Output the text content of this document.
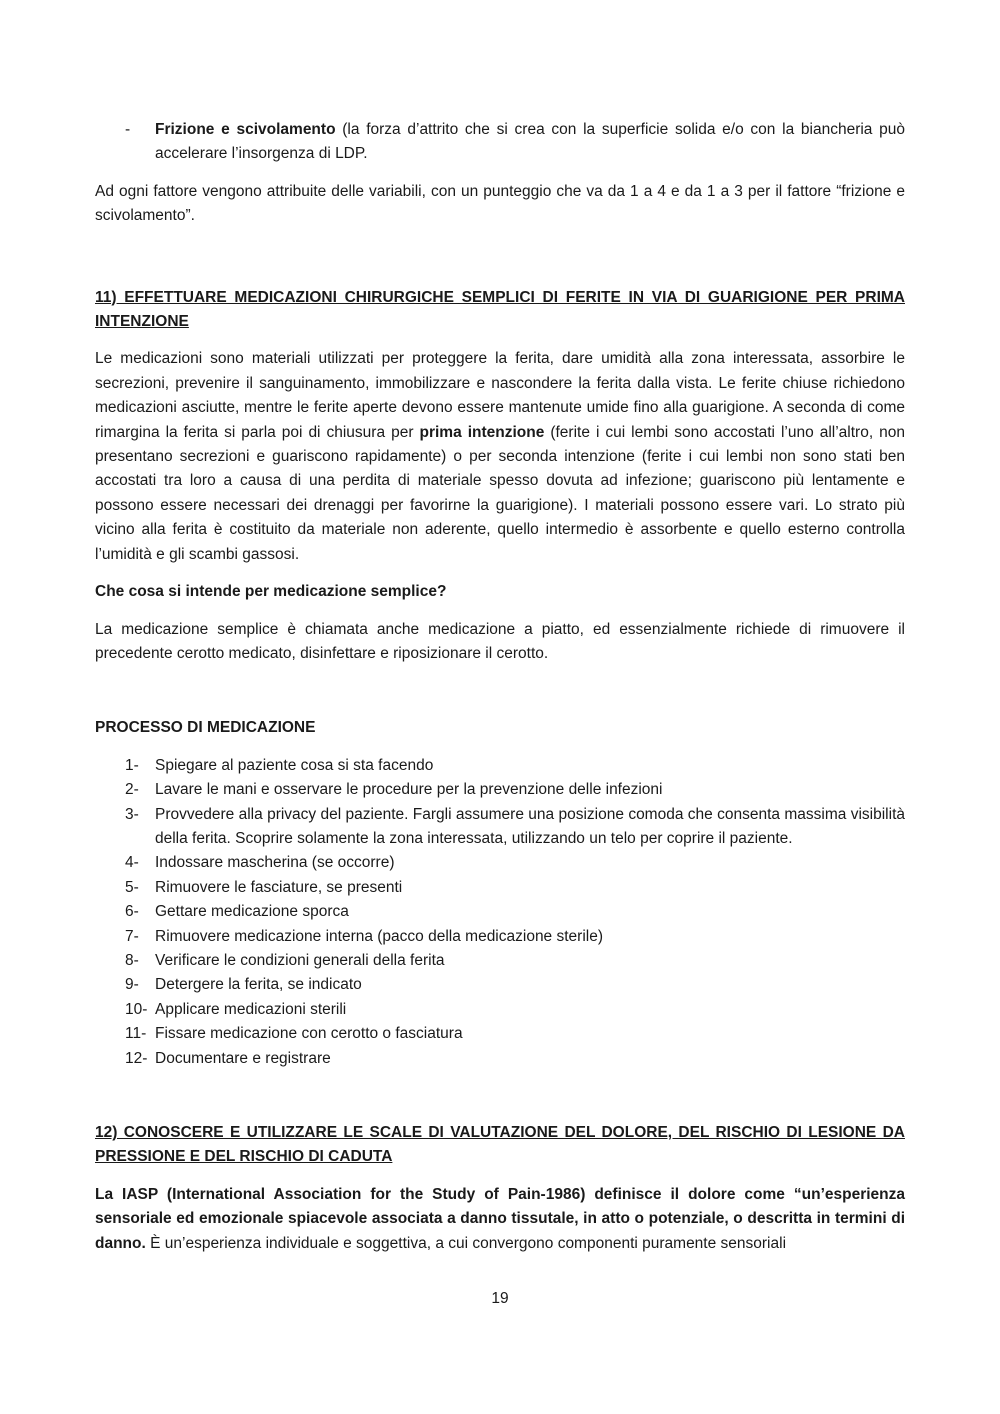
-	Frizione e scivolamento (la forza d’attrito che si crea con la superficie solida e/o con la biancheria può accelerare l’insorgenza di LDP.

Ad ogni fattore vengono attribuite delle variabili, con un punteggio che va da 1 a 4 e da 1 a 3 per il fattore “frizione e scivolamento”.

11) EFFETTUARE MEDICAZIONI CHIRURGICHE SEMPLICI DI FERITE IN VIA DI GUARIGIONE PER PRIMA INTENZIONE

Le medicazioni sono materiali utilizzati per proteggere la ferita, dare umidità alla zona interessata, assorbire le secrezioni, prevenire il sanguinamento, immobilizzare e nascondere la ferita dalla vista. Le ferite chiuse richiedono medicazioni asciutte, mentre le ferite aperte devono essere mantenute umide fino alla guarigione. A seconda di come rimargina la ferita si parla poi di chiusura per prima intenzione (ferite i cui lembi sono accostati l’uno all’altro, non presentano secrezioni e guariscono rapidamente) o per seconda intenzione (ferite i cui lembi non sono stati ben accostati tra loro a causa di una perdita di materiale spesso dovuta ad infezione; guariscono più lentamente e possono essere necessari dei drenaggi per favorirne la guarigione). I materiali possono essere vari. Lo strato più vicino alla ferita è costituito da materiale non aderente, quello intermedio è assorbente e quello esterno controlla l’umidità e gli scambi gassosi.

Che cosa si intende per medicazione semplice?

La medicazione semplice è chiamata anche medicazione a piatto, ed essenzialmente richiede di rimuovere il precedente cerotto medicato, disinfettare e riposizionare il cerotto.

PROCESSO DI MEDICAZIONE

1-	Spiegare al paziente cosa si sta facendo
2-	Lavare le mani e osservare le procedure per la prevenzione delle infezioni
3-	Provvedere alla privacy del paziente. Fargli assumere una posizione comoda che consenta massima visibilità della ferita. Scoprire solamente la zona interessata, utilizzando un telo per coprire il paziente.
4-	Indossare mascherina (se occorre)
5-	Rimuovere le fasciature, se presenti
6-	Gettare medicazione sporca
7-	Rimuovere medicazione interna (pacco della medicazione sterile)
8-	Verificare le condizioni generali della ferita
9-	Detergere la ferita, se indicato
10- Applicare medicazioni sterili
11- Fissare medicazione con cerotto o fasciatura
12- Documentare e registrare

12) CONOSCERE E UTILIZZARE LE SCALE DI VALUTAZIONE DEL DOLORE, DEL RISCHIO DI LESIONE DA PRESSIONE E DEL RISCHIO DI CADUTA

La IASP (International Association for the Study of Pain-1986) definisce il dolore come “un’esperienza sensoriale ed emozionale spiacevole associata a danno tissutale, in atto o potenziale, o descritta in termini di danno. È un’esperienza individuale e soggettiva, a cui convergono componenti puramente sensoriali

19
